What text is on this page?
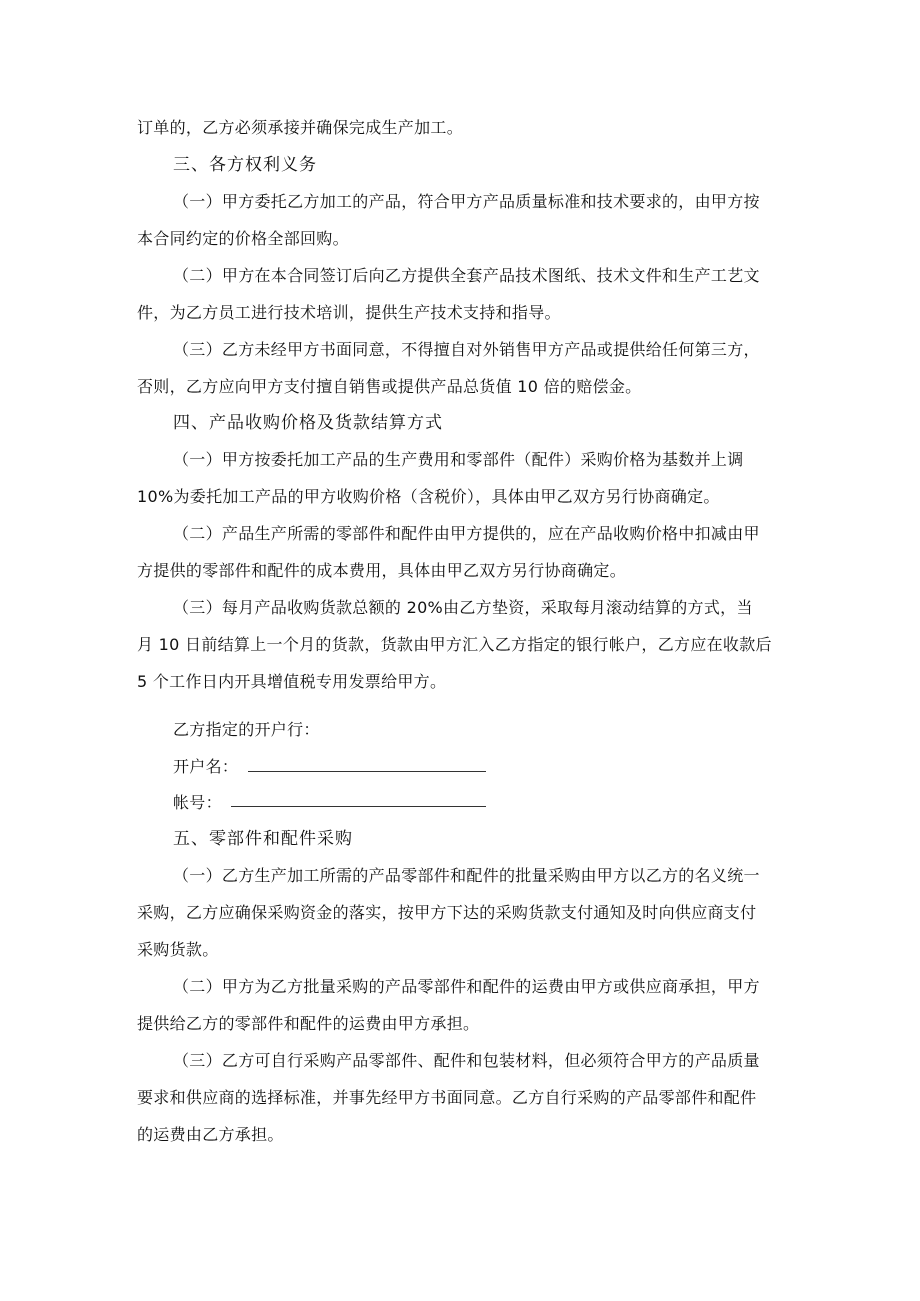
订单的，乙方必须承接并确保完成生产加工。
三、各方权利义务
（一）甲方委托乙方加工的产品，符合甲方产品质量标准和技术要求的，由甲方按
本合同约定的价格全部回购。
（二）甲方在本合同签订后向乙方提供全套产品技术图纸、技术文件和生产工艺文
件，为乙方员工进行技术培训，提供生产技术支持和指导。
（三）乙方未经甲方书面同意，不得擅自对外销售甲方产品或提供给任何第三方，
否则，乙方应向甲方支付擅自销售或提供产品总货值 10 倍的赔偿金。
四、产品收购价格及货款结算方式
（一）甲方按委托加工产品的生产费用和零部件（配件）采购价格为基数并上调
10%为委托加工产品的甲方收购价格（含税价），具体由甲乙双方另行协商确定。
（二）产品生产所需的零部件和配件由甲方提供的，应在产品收购价格中扣减由甲
方提供的零部件和配件的成本费用，具体由甲乙双方另行协商确定。
（三）每月产品收购货款总额的 20%由乙方垫资，采取每月滚动结算的方式，当
月 10 日前结算上一个月的货款，货款由甲方汇入乙方指定的银行帐户，乙方应在收款后
5 个工作日内开具增值税专用发票给甲方。
乙方指定的开户行：
开户名：
帐号：
五、零部件和配件采购
（一）乙方生产加工所需的产品零部件和配件的批量采购由甲方以乙方的名义统一
采购，乙方应确保采购资金的落实，按甲方下达的采购货款支付通知及时向供应商支付
采购货款。
（二）甲方为乙方批量采购的产品零部件和配件的运费由甲方或供应商承担，甲方
提供给乙方的零部件和配件的运费由甲方承担。
（三）乙方可自行采购产品零部件、配件和包装材料，但必须符合甲方的产品质量
要求和供应商的选择标准，并事先经甲方书面同意。乙方自行采购的产品零部件和配件
的运费由乙方承担。
